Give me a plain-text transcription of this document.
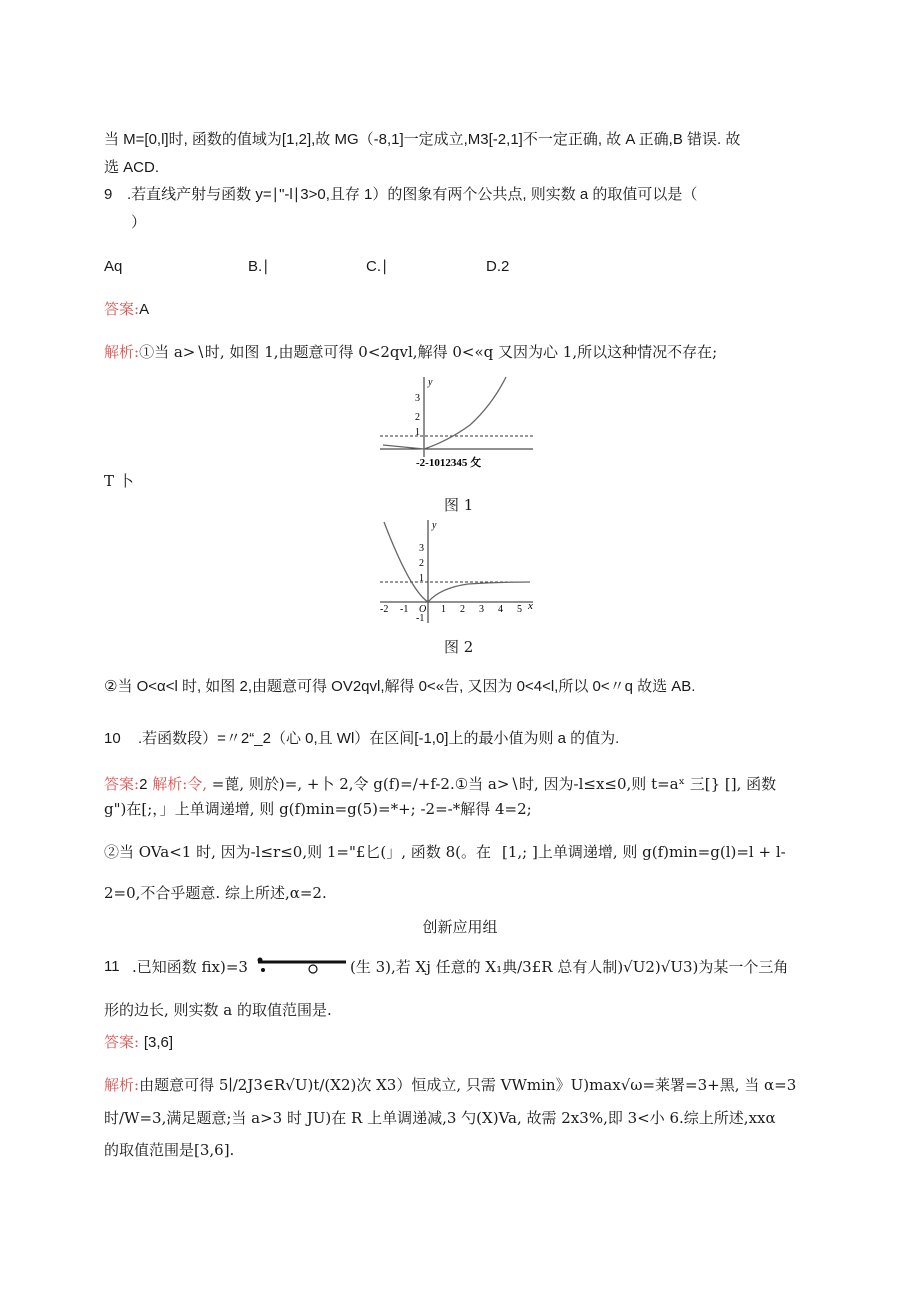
当 M=[0,l]时, 函数的值域为[1,2],故 MG（-8,1]一定成立,M3[-2,1]不一定正确, 故 A 正确,B 错误. 故
选 ACD.
9 .若直线产射与函数 y=∣"-l∣3>0,且存 1）的图象有两个公共点, 则实数 a 的取值可以是（
）
Aq	B.∣	C.∣	D.2
答案:A
解析:①当 a>∖时, 如图 1,由题意可得 0<2qvl,解得 0<«q 又因为心 1,所以这种情况不存在;
3
2
1
y
-2-1012345 攵
T 卜
图 1
3
2
1
-1
y
-2 -1 O 1 2 3 4 5 x
图 2
②当 O<α<l 时, 如图 2,由题意可得 OV2qvl,解得 0<«告, 又因为 0<4<l,所以 0<〃q 故选 AB.
10 .若函数段）=〃2“_2（心 0,且 Wl）在区间[-1,0]上的最小值为则 a 的值为.
答案:2 解析:令, =蓖, 则於)=, +卜 2,令 g(f)=∕+f-2.①当 a>∖时, 因为-l≤x≤0,则 t=aˣ 三[} [], 函数
g")在[;，」上单调递增, 则 g(f)min=g(5)=*+; -2=-*解得 4=2;
②当 OVa<1 时, 因为-l≤r≤0,则 1="£匕(」, 函数 8(。在 [1,; ]上单调递增, 则 g(f)min=g(l)=l + l-
2=0,不合乎题意. 综上所述,α=2.
创新应用组
11 .已知函数 fix)=3	(生 3),若 Xj 任意的 X₁典∕3£R 总有人制)√U2)√U3)为某一个三角
形的边长, 则实数 a 的取值范围是.
答案: [3,6]
解析:由题意可得 5∣∕2J3∈R√U)t∕(X2)次 X3）恒成立, 只需 VWmin》U)max√ω=莱署=3+黑, 当 α=3
时∕W=3,满足题意;当 a>3 时 JU)在 R 上单调递减,3 勺(X)Va, 故需 2x3%,即 3<小 6.综上所述,xxα
的取值范围是[3,6].
